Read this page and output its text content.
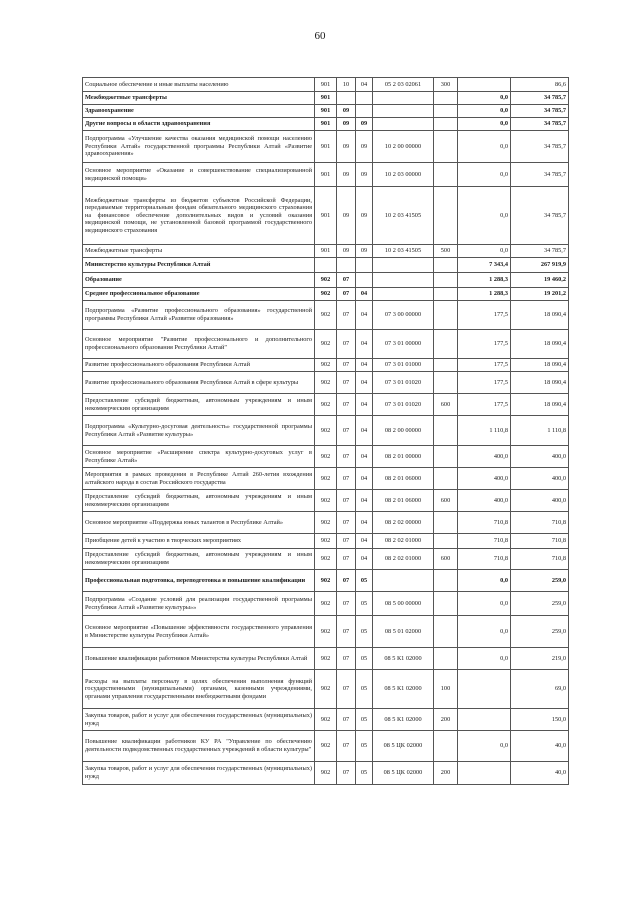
60
Социальное обеспечение и иные выплаты населению	901	10	04	05 2 03 02061	300		86,6
Межбюджетные трансферты	901					0,0	34 785,7
Здравоохранение	901	09				0,0	34 785,7
Другие вопросы в области здравоохранения	901	09	09			0,0	34 785,7
Подпрограмма «Улучшение качества оказания медицинской помощи населению Республики Алтай» государственной программы Республики Алтай «Развитие здравоохранения»	901	09	09	10 2 00 00000		0,0	34 785,7
Основное мероприятие «Оказание и совершенствование специализированной медицинской помощи»	901	09	09	10 2 03 00000		0,0	34 785,7
Межбюджетные трансферты из бюджетов субъектов Российской Федерации, передаваемые территориальным фондам обязательного медицинского страхования на финансовое обеспечение дополнительных видов и условий оказания медицинской помощи, не установленной базовой программой государственного медицинского страхования	901	09	09	10 2 03 41505		0,0	34 785,7
Межбюджетные трансферты	901	09	09	10 2 03 41505	500	0,0	34 785,7
Министерство культуры Республики Алтай						7 343,4	267 919,9
Образование	902	07				1 288,3	19 460,2
Среднее профессиональное образование	902	07	04			1 288,3	19 201,2
Подпрограмма «Развитие профессионального образования» государственной программы Республики Алтай «Развитие образования»	902	07	04	07 3 00 00000		177,5	18 090,4
Основное мероприятие "Развитие профессионального и дополнительного профессионального образования Республики Алтай"	902	07	04	07 3 01 00000		177,5	18 090,4
Развитие профессионального образования Республики Алтай	902	07	04	07 3 01 01000		177,5	18 090,4
Развитие профессионального образования Республики Алтай в сфере культуры	902	07	04	07 3 01 01020		177,5	18 090,4
Предоставление субсидий бюджетным, автономным учреждениям и иным некоммерческим организациям	902	07	04	07 3 01 01020	600	177,5	18 090,4
Подпрограмма «Культурно-досуговая деятельность» государственной программы Республики Алтай «Развитие культуры»	902	07	04	08 2 00 00000		1 110,8	1 110,8
Основное мероприятие «Расширение спектра культурно-досуговых услуг в Республике Алтай»	902	07	04	08 2 01 00000		400,0	400,0
Мероприятия в рамках проведения в Республике Алтай 260-летия вхождения алтайского народа в состав Российского государства	902	07	04	08 2 01 06000		400,0	400,0
Предоставление субсидий бюджетным, автономным учреждениям и иным некоммерческим организациям	902	07	04	08 2 01 06000	600	400,0	400,0
Основное мероприятие «Поддержка юных талантов в Республике Алтай»	902	07	04	08 2 02 00000		710,8	710,8
Приобщение детей к участию в творческих мероприятиях	902	07	04	08 2 02 01000		710,8	710,8
Предоставление субсидий бюджетным, автономным учреждениям и иным некоммерческим организациям	902	07	04	08 2 02 01000	600	710,8	710,8
Профессиональная подготовка, переподготовка и повышение квалификации	902	07	05			0,0	259,0
Подпрограмма «Создание условий для реализации государственной программы Республики Алтай «Развитие культуры»»	902	07	05	08 5 00 00000		0,0	259,0
Основное мероприятие «Повышение эффективности государственного управления в Министерстве культуры Республики Алтай»	902	07	05	08 5 01 02000		0,0	259,0
Повышение квалификации работников Министерства культуры Республики Алтай	902	07	05	08 5 К1 02000		0,0	219,0
Расходы на выплаты персоналу в целях обеспечения выполнения функций государственными (муниципальными) органами, казенными учреждениями, органами управления государственными внебюджетными фондами	902	07	05	08 5 К1 02000	100		69,0
Закупка товаров, работ и услуг для обеспечения государственных (муниципальных) нужд	902	07	05	08 5 К1 02000	200		150,0
Повышение квалификации работников КУ РА "Управление по обеспечению деятельности подведомственных государственных учреждений в области культуры"	902	07	05	08 5 ЦК 02000		0,0	40,0
Закупка товаров, работ и услуг для обеспечения государственных (муниципальных) нужд	902	07	05	08 5 ЦК 02000	200		40,0
